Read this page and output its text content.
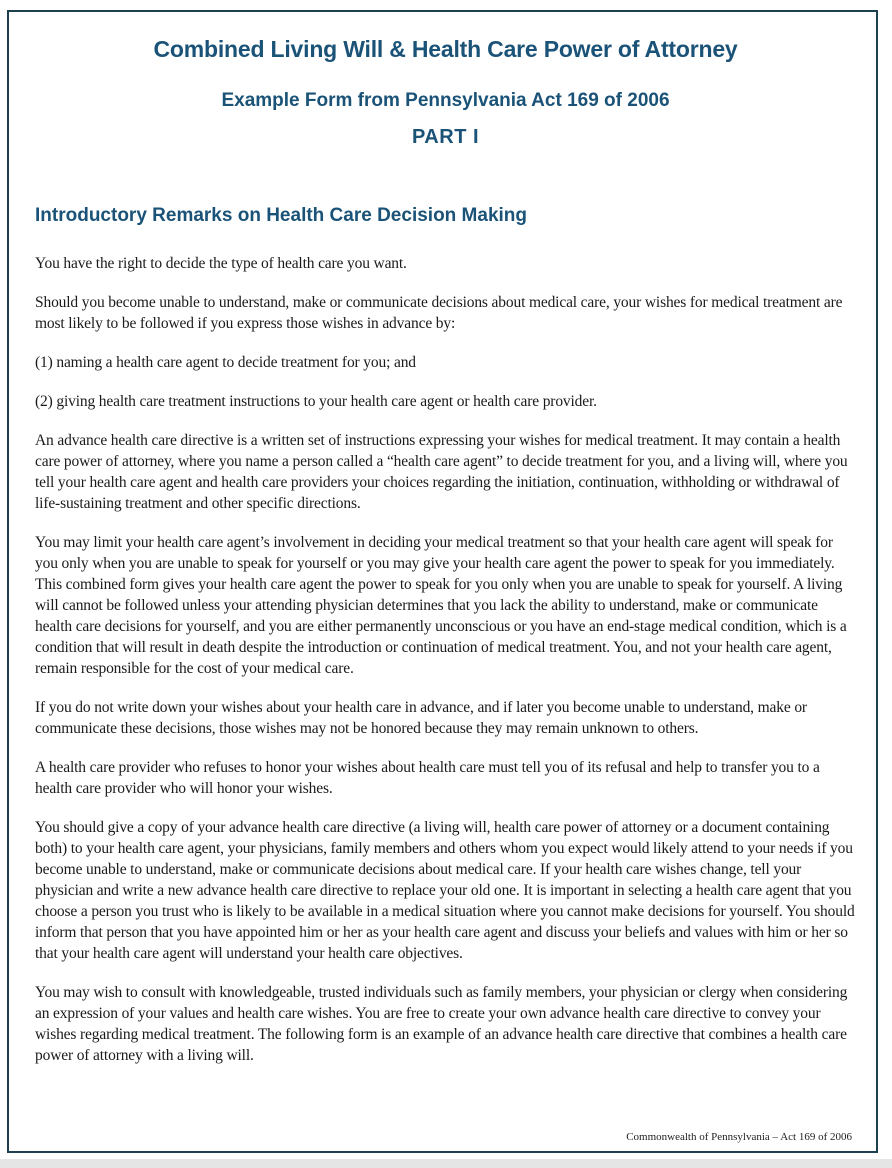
Combined Living Will & Health Care Power of Attorney
Example Form from Pennsylvania Act 169 of 2006
PART I
Introductory Remarks on Health Care Decision Making

You have the right to decide the type of health care you want.

Should you become unable to understand, make or communicate decisions about medical care, your wishes for medical treatment are most likely to be followed if you express those wishes in advance by:

(1) naming a health care agent to decide treatment for you; and

(2) giving health care treatment instructions to your health care agent or health care provider.

An advance health care directive is a written set of instructions expressing your wishes for medical treatment. It may contain a health care power of attorney, where you name a person called a “health care agent” to decide treatment for you, and a living will, where you tell your health care agent and health care providers your choices regarding the initiation, continuation, withholding or withdrawal of life-sustaining treatment and other specific directions.

You may limit your health care agent’s involvement in deciding your medical treatment so that your health care agent will speak for you only when you are unable to speak for yourself or you may give your health care agent the power to speak for you immediately. This combined form gives your health care agent the power to speak for you only when you are unable to speak for yourself. A living will cannot be followed unless your attending physician determines that you lack the ability to understand, make or communicate health care decisions for yourself, and you are either permanently unconscious or you have an end-stage medical condition, which is a condition that will result in death despite the introduction or continuation of medical treatment. You, and not your health care agent, remain responsible for the cost of your medical care.

If you do not write down your wishes about your health care in advance, and if later you become unable to understand, make or communicate these decisions, those wishes may not be honored because they may remain unknown to others.

A health care provider who refuses to honor your wishes about health care must tell you of its refusal and help to transfer you to a health care provider who will honor your wishes.

You should give a copy of your advance health care directive (a living will, health care power of attorney or a document containing both) to your health care agent, your physicians, family members and others whom you expect would likely attend to your needs if you become unable to understand, make or communicate decisions about medical care. If your health care wishes change, tell your physician and write a new advance health care directive to replace your old one. It is important in selecting a health care agent that you choose a person you trust who is likely to be available in a medical situation where you cannot make decisions for yourself. You should inform that person that you have appointed him or her as your health care agent and discuss your beliefs and values with him or her so that your health care agent will understand your health care objectives.

You may wish to consult with knowledgeable, trusted individuals such as family members, your physician or clergy when considering an expression of your values and health care wishes. You are free to create your own advance health care directive to convey your wishes regarding medical treatment. The following form is an example of an advance health care directive that combines a health care power of attorney with a living will.

Commonwealth of Pennsylvania – Act 169 of 2006
